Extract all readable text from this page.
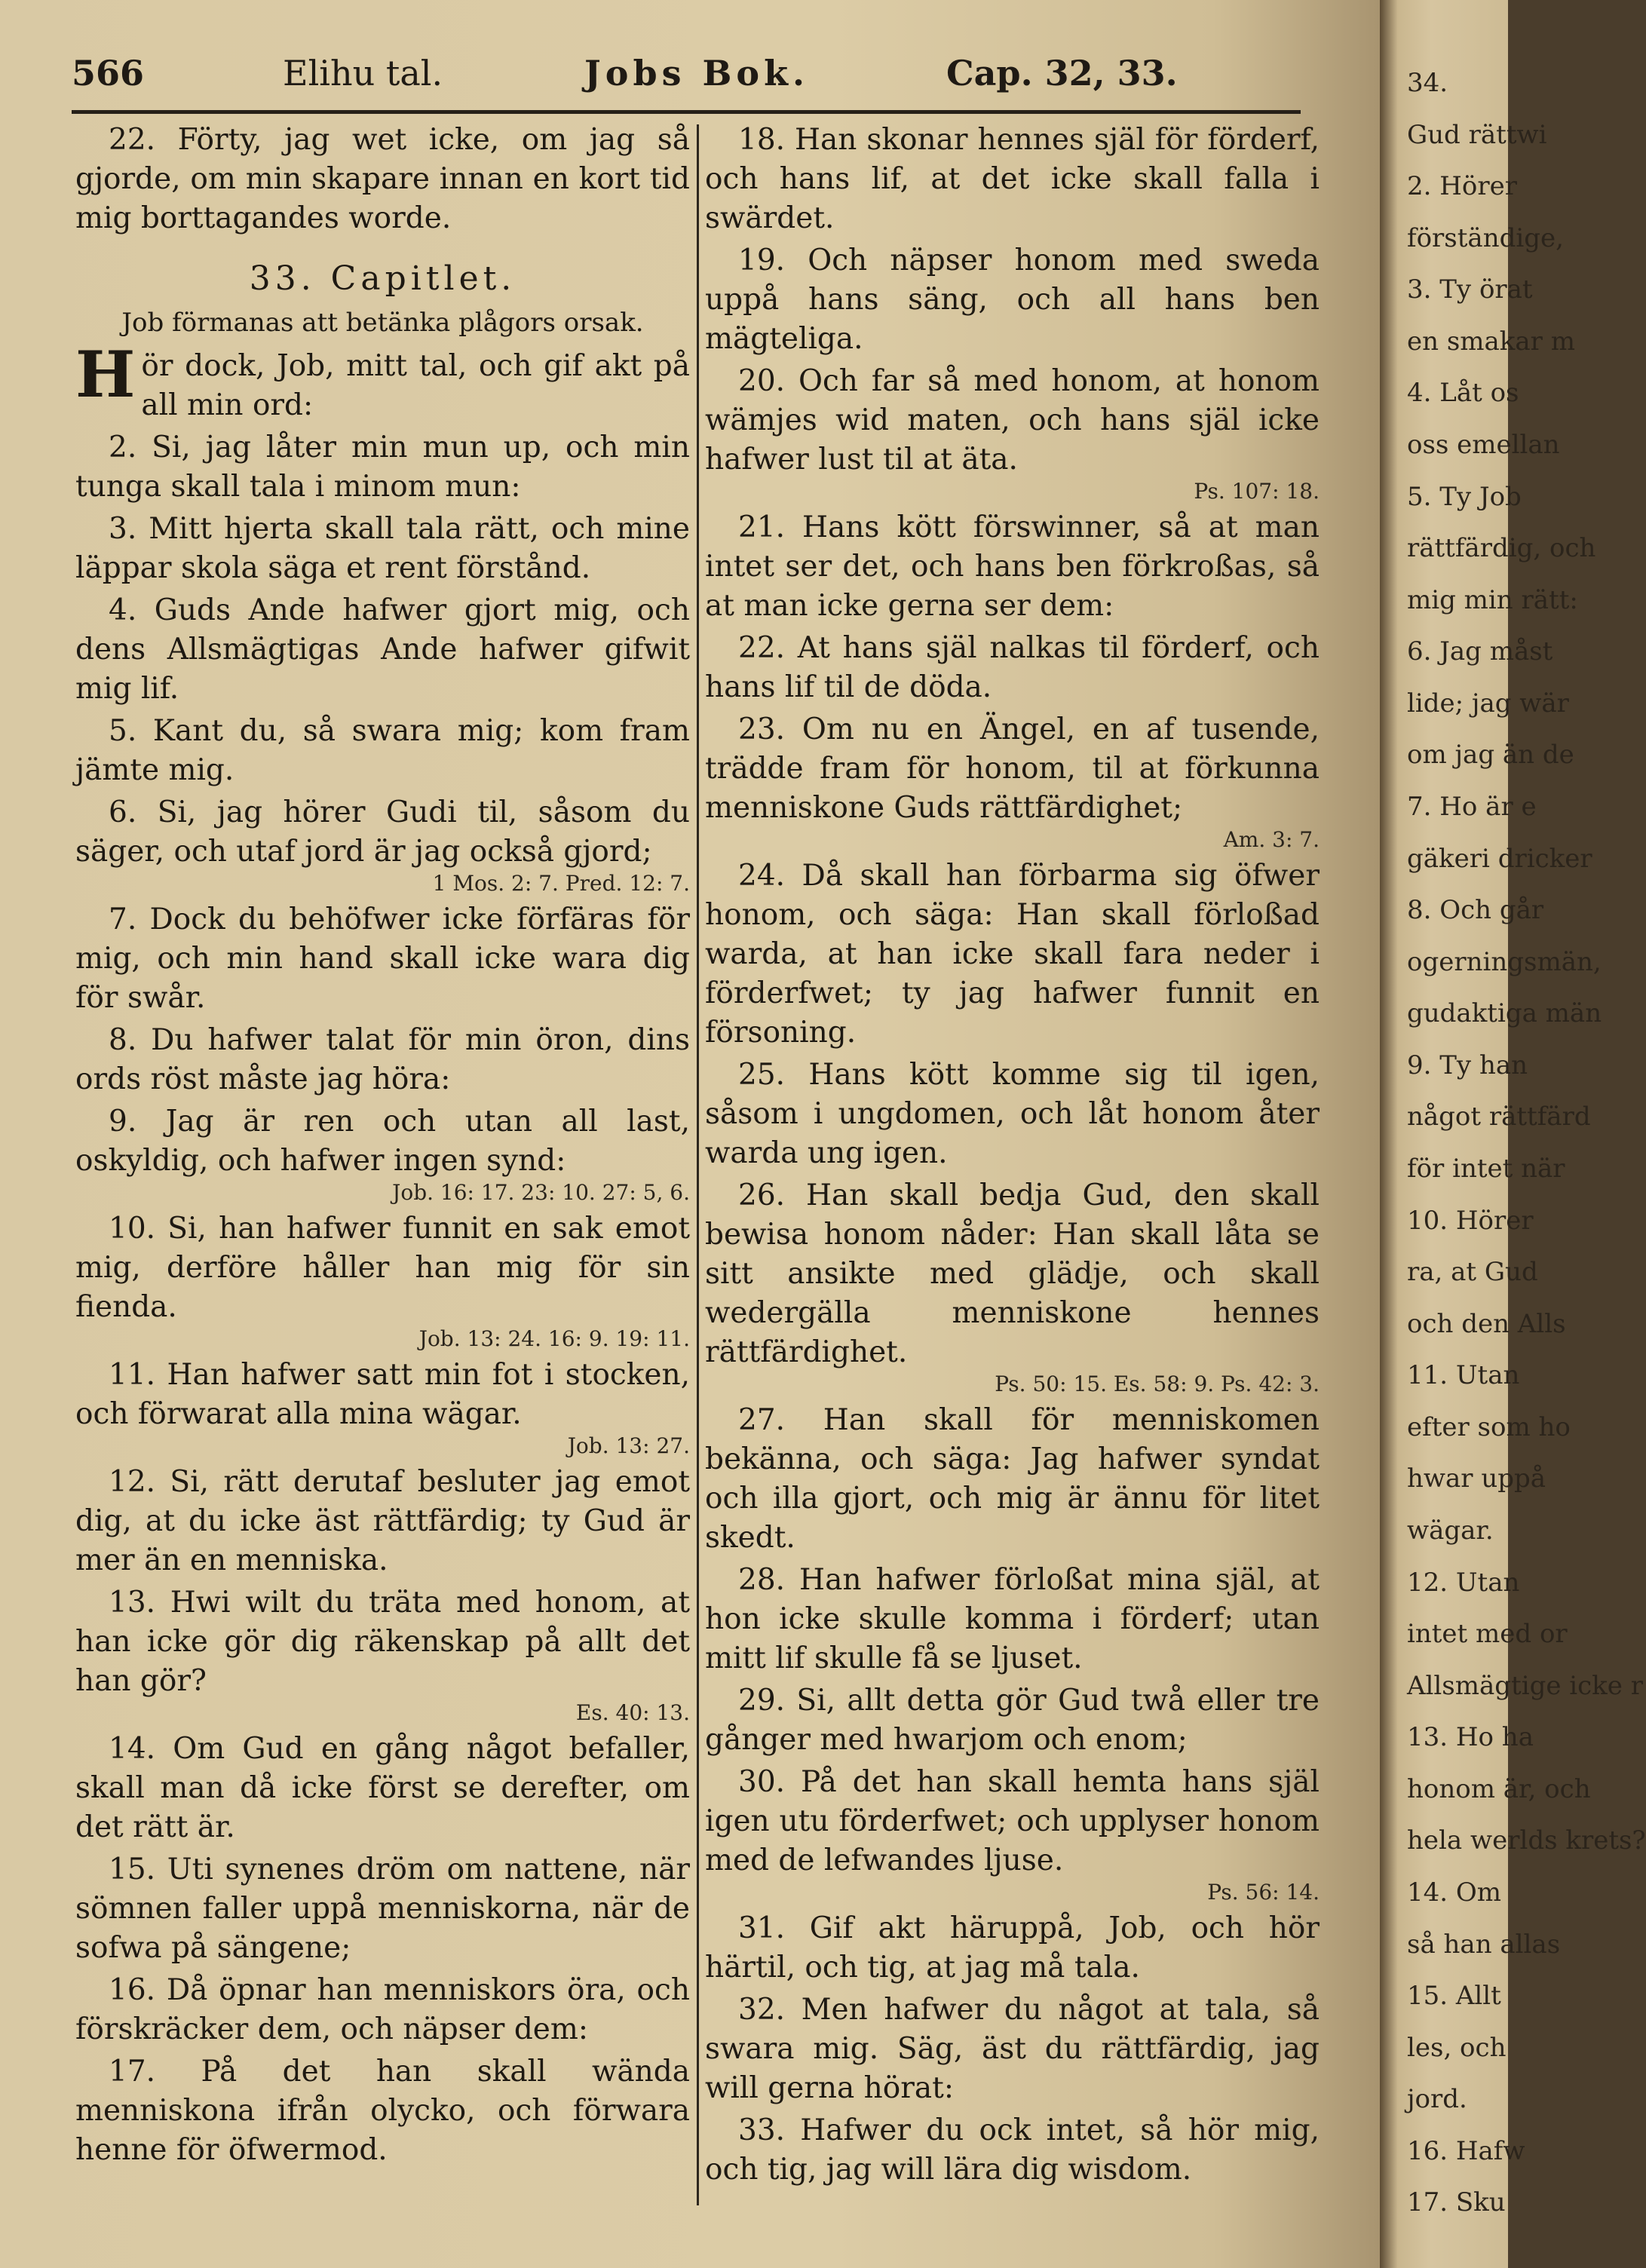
566	Elihu tal.	Jobs Bok.	Cap. 32, 33.

22. Förty, jag wet icke, om jag så gjorde, om min skapare innan en kort tid mig borttagandes worde.

33. Capitlet.
Job förmanas att betänka plågors orsak.

Hör dock, Job, mitt tal, och gif akt på all min ord:

2. Si, jag låter min mun up, och min tunga skall tala i minom mun:

3. Mitt hjerta skall tala rätt, och mine läppar skola säga et rent förstånd.

4. Guds Ande hafwer gjort mig, och dens Allsmägtigas Ande hafwer gifwit mig lif.

5. Kant du, så swara mig; kom fram jämte mig.

6. Si, jag hörer Gudi til, såsom du säger, och utaf jord är jag också gjord;

1 Mos. 2: 7. Pred. 12: 7.

7. Dock du behöfwer icke förfäras för mig, och min hand skall icke wara dig för swår.

8. Du hafwer talat för min öron, dins ords röst måste jag höra:

9. Jag är ren och utan all last, oskyldig, och hafwer ingen synd:

Job. 16: 17. 23: 10. 27: 5, 6.

10. Si, han hafwer funnit en sak emot mig, derföre håller han mig för sin fienda.

Job. 13: 24. 16: 9. 19: 11.

11. Han hafwer satt min fot i stocken, och förwarat alla mina wägar.

Job. 13: 27.

12. Si, rätt derutaf besluter jag emot dig, at du icke äst rättfärdig; ty Gud är mer än en menniska.

13. Hwi wilt du träta med honom, at han icke gör dig räkenskap på allt det han gör?

Es. 40: 13.

14. Om Gud en gång något befaller, skall man då icke först se derefter, om det rätt är.

15. Uti synenes dröm om nattene, när sömnen faller uppå menniskorna, när de sofwa på sängene;

16. Då öpnar han menniskors öra, och förskräcker dem, och näpser dem:

17. På det han skall wända menniskona ifrån olycko, och förwara henne för öfwermod.

18. Han skonar hennes själ för förderf, och hans lif, at det icke skall falla i swärdet.

19. Och näpser honom med sweda uppå hans säng, och all hans ben mägteliga.

20. Och far så med honom, at honom wämjes wid maten, och hans själ icke hafwer lust til at äta.

Ps. 107: 18.

21. Hans kött förswinner, så at man intet ser det, och hans ben förkroßas, så at man icke gerna ser dem:

22. At hans själ nalkas til förderf, och hans lif til de döda.

23. Om nu en Ängel, en af tusende, trädde fram för honom, til at förkunna menniskone Guds rättfärdighet;

Am. 3: 7.

24. Då skall han förbarma sig öfwer honom, och säga: Han skall förloßad warda, at han icke skall fara neder i förderfwet; ty jag hafwer funnit en försoning.

25. Hans kött komme sig til igen, såsom i ungdomen, och låt honom åter warda ung igen.

26. Han skall bedja Gud, den skall bewisa honom nåder: Han skall låta se sitt ansikte med glädje, och skall wedergälla menniskone hennes rättfärdighet.

Ps. 50: 15. Es. 58: 9. Ps. 42: 3.

27. Han skall för menniskomen bekänna, och säga: Jag hafwer syndat och illa gjort, och mig är ännu för litet skedt.

28. Han hafwer förloßat mina själ, at hon icke skulle komma i förderf; utan mitt lif skulle få se ljuset.

29. Si, allt detta gör Gud twå eller tre gånger med hwarjom och enom;

30. På det han skall hemta hans själ igen utu förderfwet; och upplyser honom med de lefwandes ljuse.

Ps. 56: 14.

31. Gif akt häruppå, Job, och hör härtil, och tig, at jag må tala.

32. Men hafwer du något at tala, så swara mig. Säg, äst du rättfärdig, jag will gerna hörat:

33. Hafwer du ock intet, så hör mig, och tig, jag will lära dig wisdom.

34.
Gud rättwi
2. Hörer
förständige,
3. Ty örat
en smakar m
4. Låt os
oss emellan
5. Ty Job
rättfärdig, och
mig min rätt:
6. Jag måst
lide; jag wär
om jag än de
7. Ho är e
gäkeri dricker
8. Och går
ogerningsmän,
gudaktiga män
9. Ty han
något rättfärd
för intet när
10. Hörer
ra, at Gud
och den Alls
11. Utan
efter som ho
hwar uppå
wägar.
12. Utan
intet med or
Allsmägtige icke r
13. Ho ha
honom är, och
hela werlds krets?
14. Om
så han allas
15. Allt
les, och
jord.
16. Hafw
17. Sku
